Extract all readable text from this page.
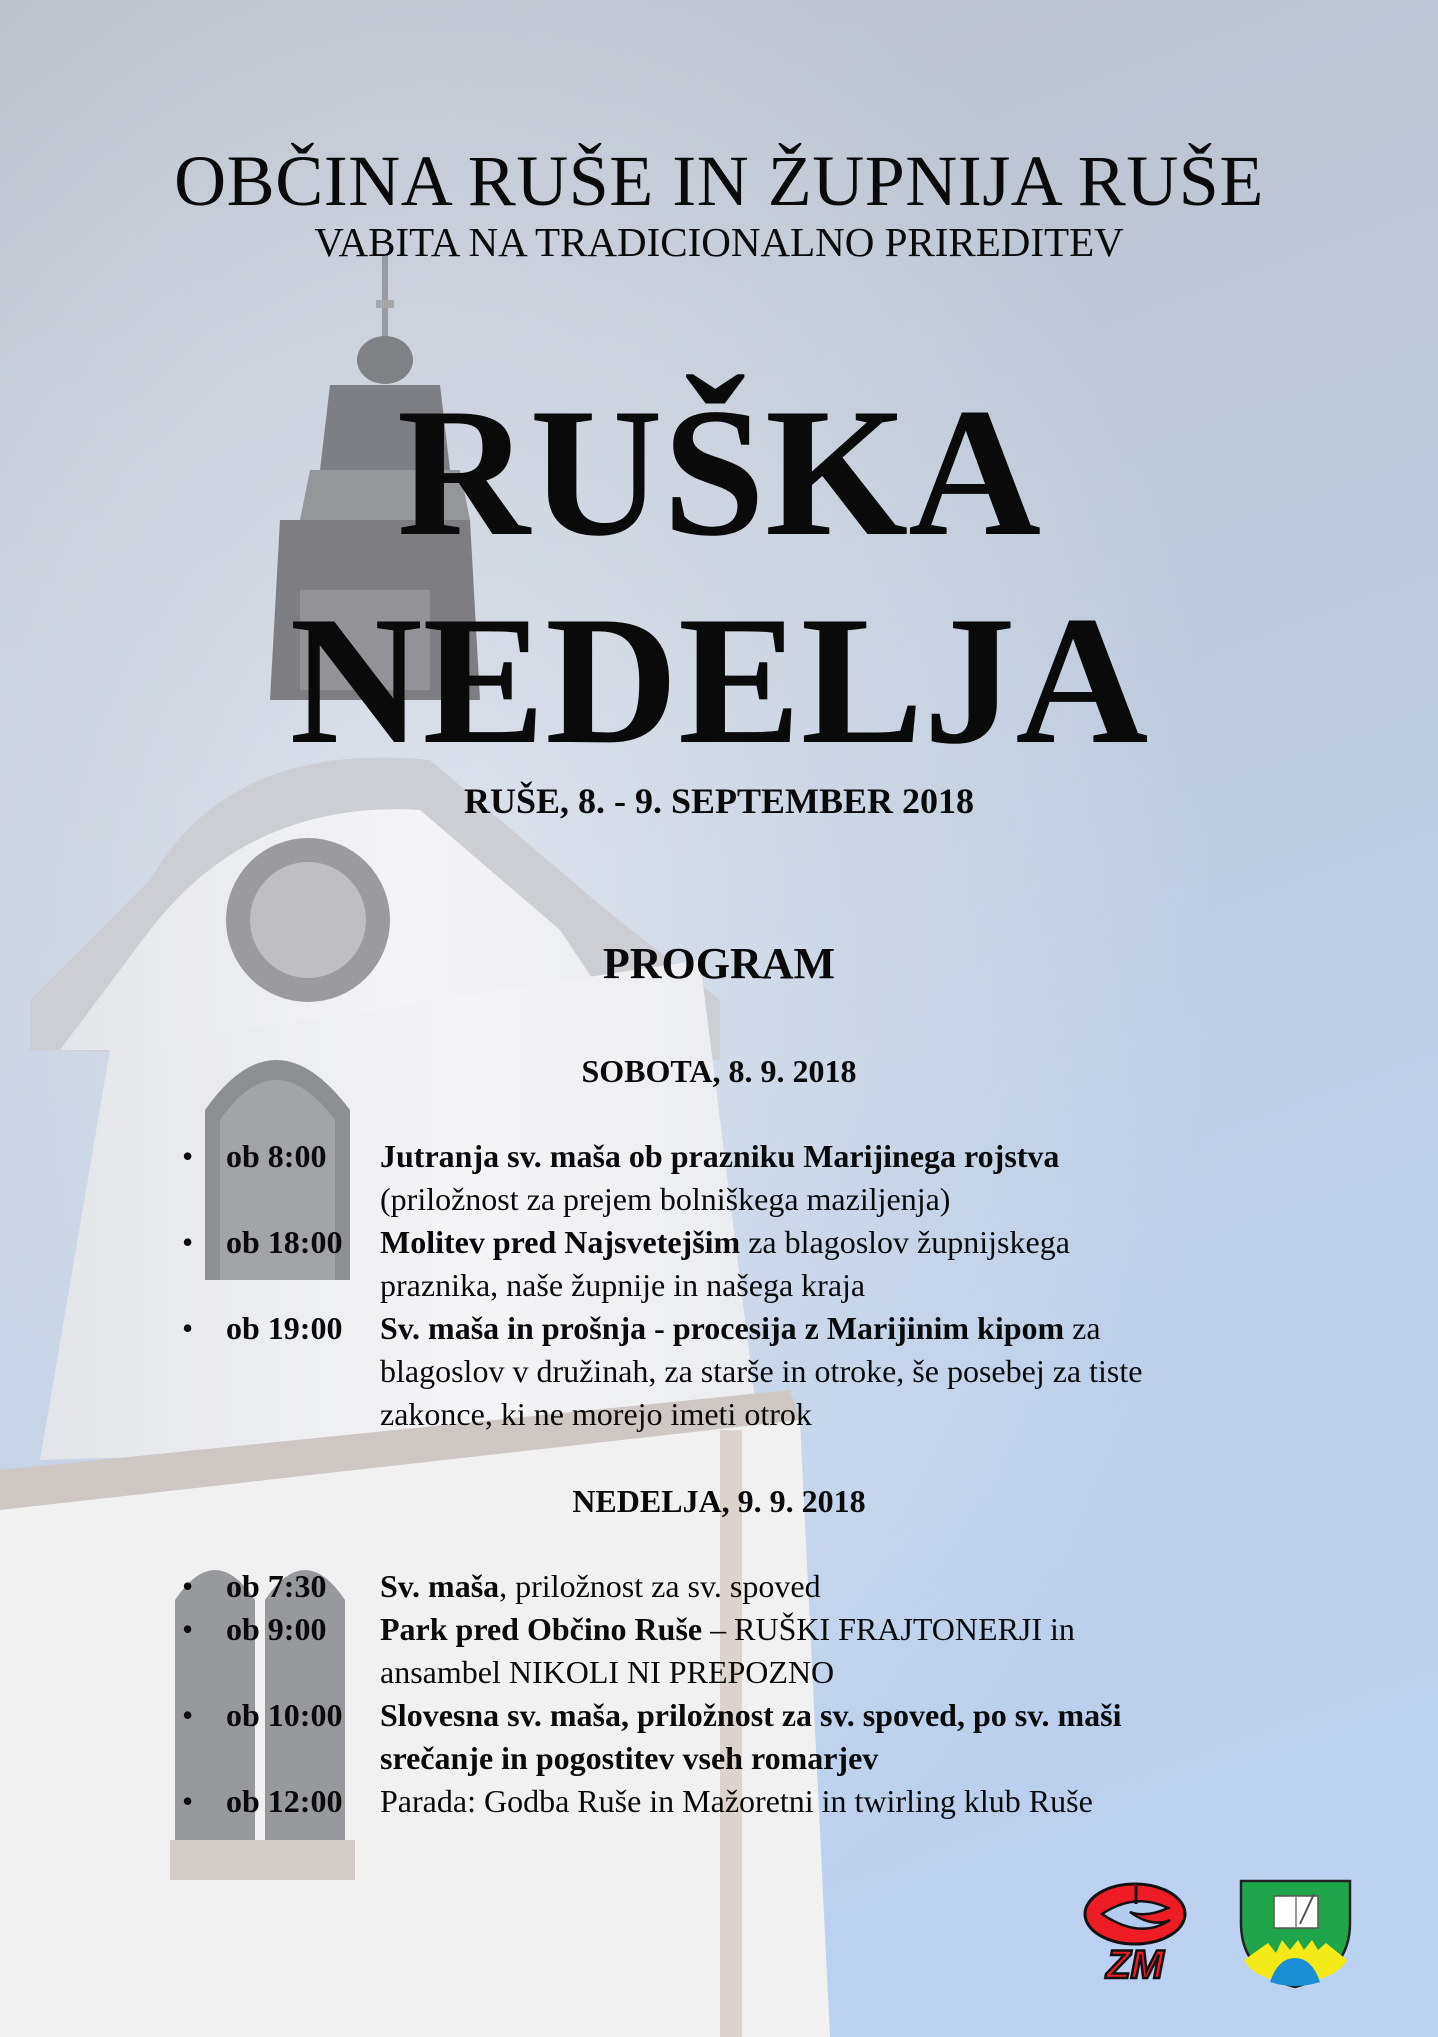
OBČINA RUŠE IN ŽUPNIJA RUŠE
VABITA NA TRADICIONALNO PRIREDITEV
RUŠKA
NEDELJA
RUŠE, 8. - 9. SEPTEMBER 2018
PROGRAM
SOBOTA, 8. 9. 2018
• ob 8:00 Jutranja sv. maša ob prazniku Marijinega rojstva
(priložnost za prejem bolniškega maziljenja)
• ob 18:00 Molitev pred Najsvetejšim za blagoslov župnijskega
praznika, naše župnije in našega kraja
• ob 19:00 Sv. maša in prošnja - procesija z Marijinim kipom za
blagoslov v družinah, za starše in otroke, še posebej za tiste
zakonce, ki ne morejo imeti otrok
NEDELJA, 9. 9. 2018
• ob 7:30 Sv. maša, priložnost za sv. spoved
• ob 9:00 Park pred Občino Ruše – RUŠKI FRAJTONERJI in
ansambel NIKOLI NI PREPOZNO
• ob 10:00 Slovesna sv. maša, priložnost za sv. spoved, po sv. maši
srečanje in pogostitev vseh romarjev
• ob 12:00 Parada: Godba Ruše in Mažoretni in twirling klub Ruše
ZM
